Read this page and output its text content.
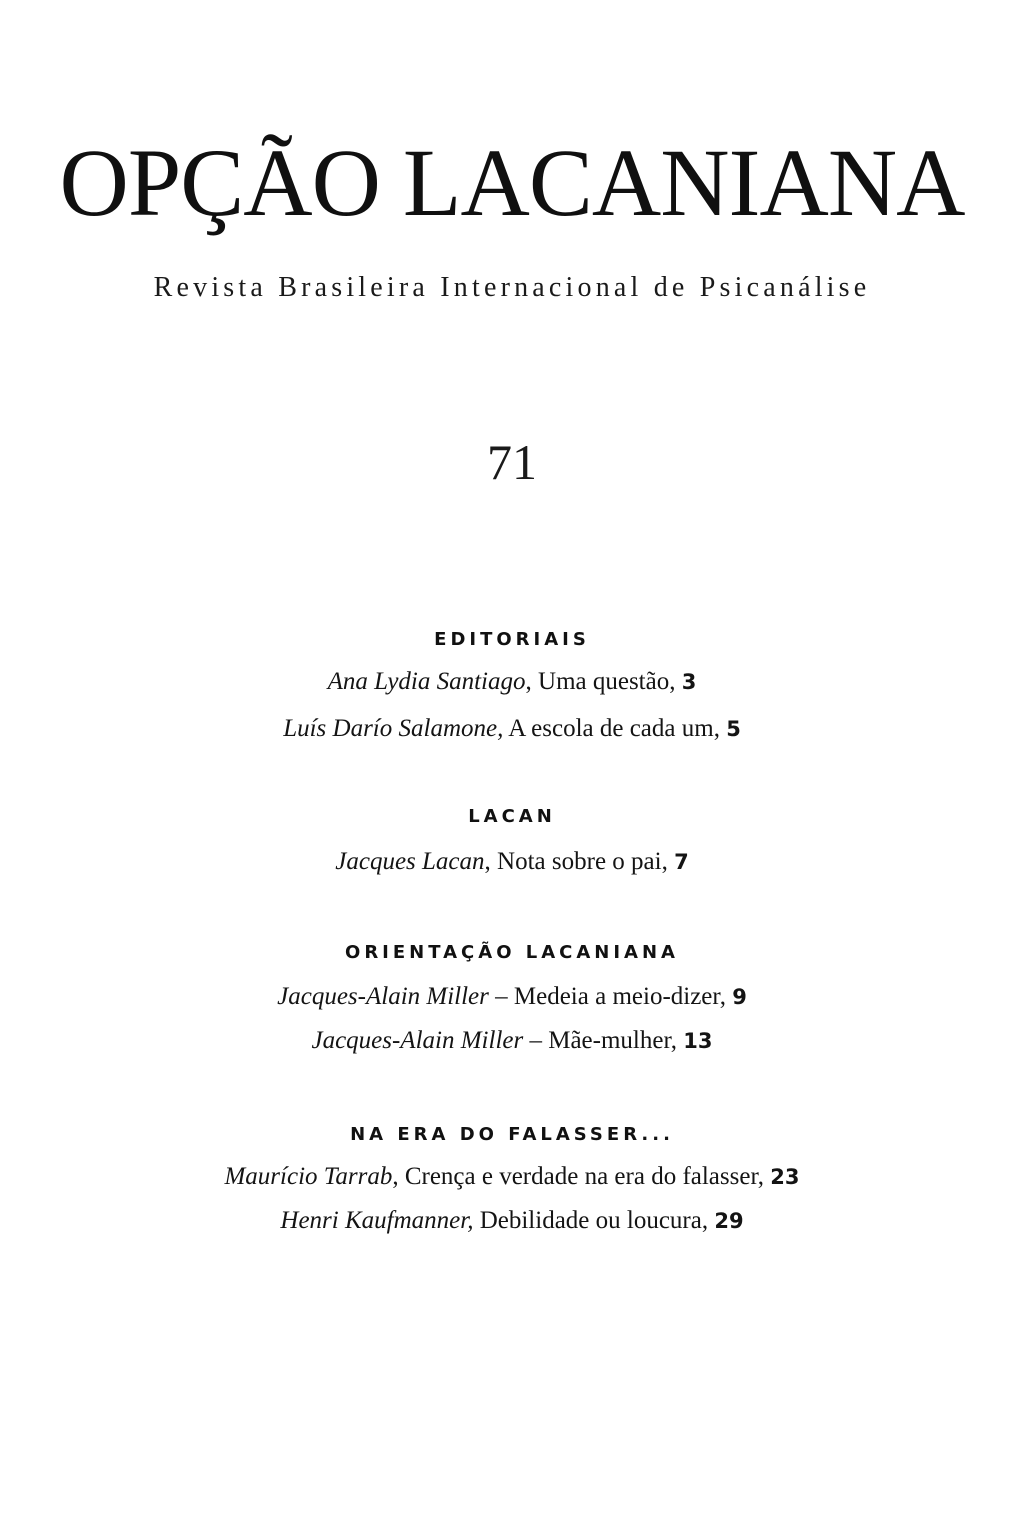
OPÇÃO LACANIANA
Revista Brasileira Internacional de Psicanálise
71
EDITORIAIS
Ana Lydia Santiago, Uma questão, 3
Luís Darío Salamone, A escola de cada um, 5
LACAN
Jacques Lacan, Nota sobre o pai, 7
ORIENTAÇÃO LACANIANA
Jacques-Alain Miller – Medeia a meio-dizer, 9
Jacques-Alain Miller – Mãe-mulher, 13
NA ERA DO FALASSER...
Maurício Tarrab, Crença e verdade na era do falasser, 23
Henri Kaufmanner, Debilidade ou loucura, 29
